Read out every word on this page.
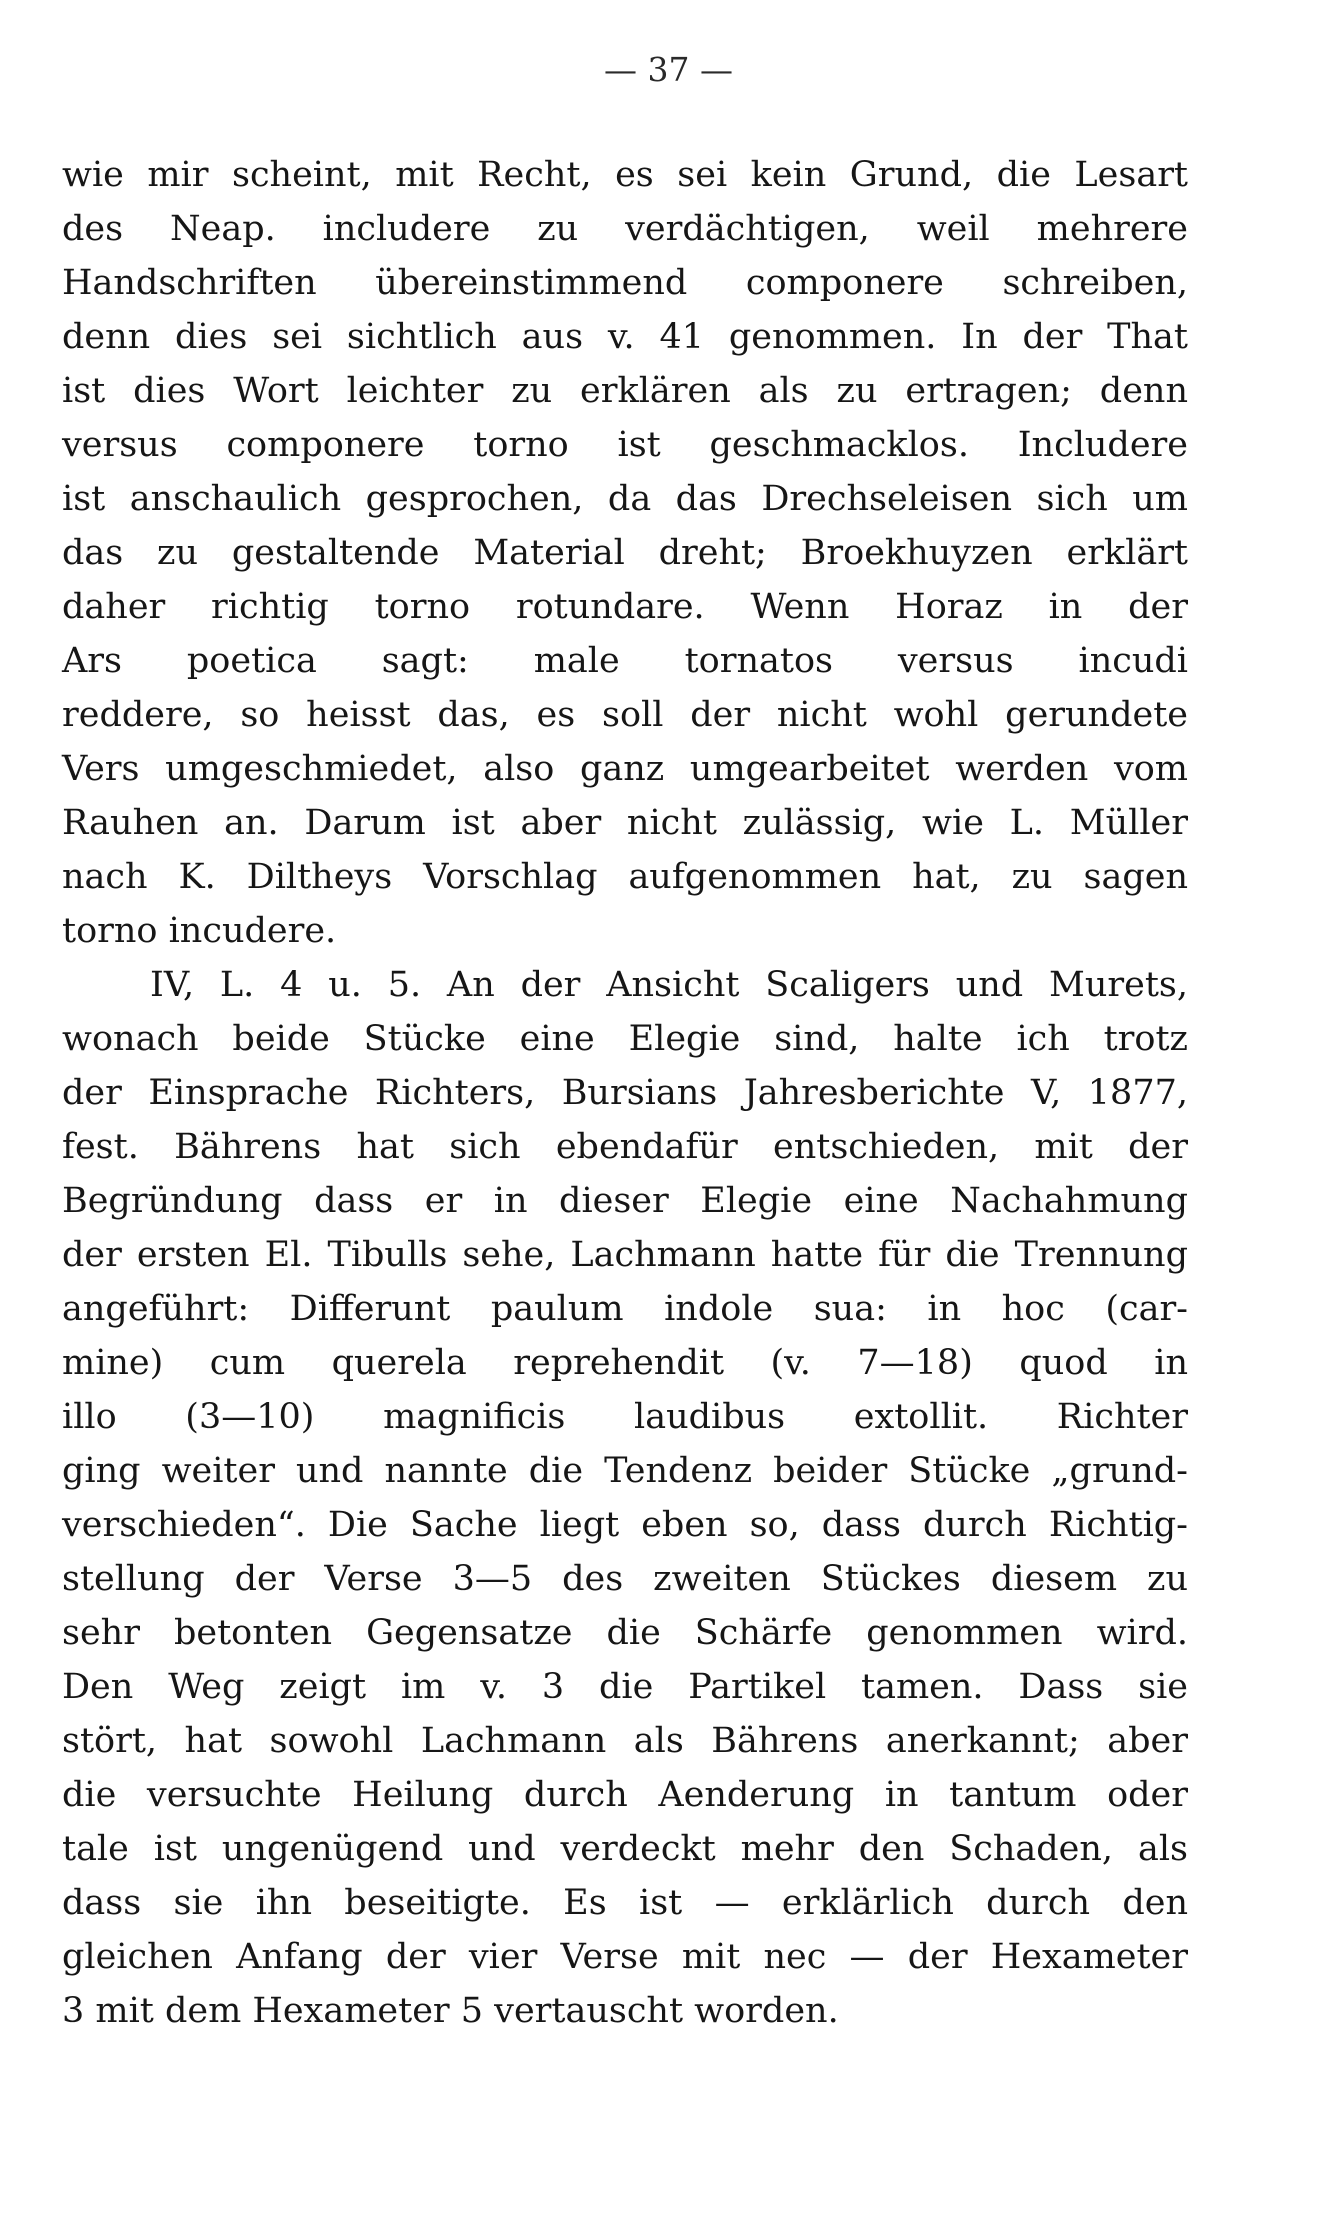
— 37 —
wie mir scheint, mit Recht, es sei kein Grund, die Lesart
des Neap. includere zu verdächtigen, weil mehrere
Handschriften übereinstimmend componere schreiben,
denn dies sei sichtlich aus v. 41 genommen. In der That
ist dies Wort leichter zu erklären als zu ertragen; denn
versus componere torno ist geschmacklos. Includere
ist anschaulich gesprochen, da das Drechseleisen sich um
das zu gestaltende Material dreht; Broekhuyzen erklärt
daher richtig torno rotundare. Wenn Horaz in der
Ars poetica sagt: male tornatos versus incudi
reddere, so heisst das, es soll der nicht wohl gerundete
Vers umgeschmiedet, also ganz umgearbeitet werden vom
Rauhen an. Darum ist aber nicht zulässig, wie L. Müller
nach K. Diltheys Vorschlag aufgenommen hat, zu sagen
torno incudere.
IV, L. 4 u. 5. An der Ansicht Scaligers und Murets,
wonach beide Stücke eine Elegie sind, halte ich trotz
der Einsprache Richters, Bursians Jahresberichte V, 1877,
fest. Bährens hat sich ebendafür entschieden, mit der
Begründung dass er in dieser Elegie eine Nachahmung
der ersten El. Tibulls sehe, Lachmann hatte für die Trennung
angeführt: Differunt paulum indole sua: in hoc (car-
mine) cum querela reprehendit (v. 7—18) quod in
illo (3—10) magnificis laudibus extollit. Richter
ging weiter und nannte die Tendenz beider Stücke „grund-
verschieden“. Die Sache liegt eben so, dass durch Richtig-
stellung der Verse 3—5 des zweiten Stückes diesem zu
sehr betonten Gegensatze die Schärfe genommen wird.
Den Weg zeigt im v. 3 die Partikel tamen. Dass sie
stört, hat sowohl Lachmann als Bährens anerkannt; aber
die versuchte Heilung durch Aenderung in tantum oder
tale ist ungenügend und verdeckt mehr den Schaden, als
dass sie ihn beseitigte. Es ist — erklärlich durch den
gleichen Anfang der vier Verse mit nec — der Hexameter
3 mit dem Hexameter 5 vertauscht worden.
